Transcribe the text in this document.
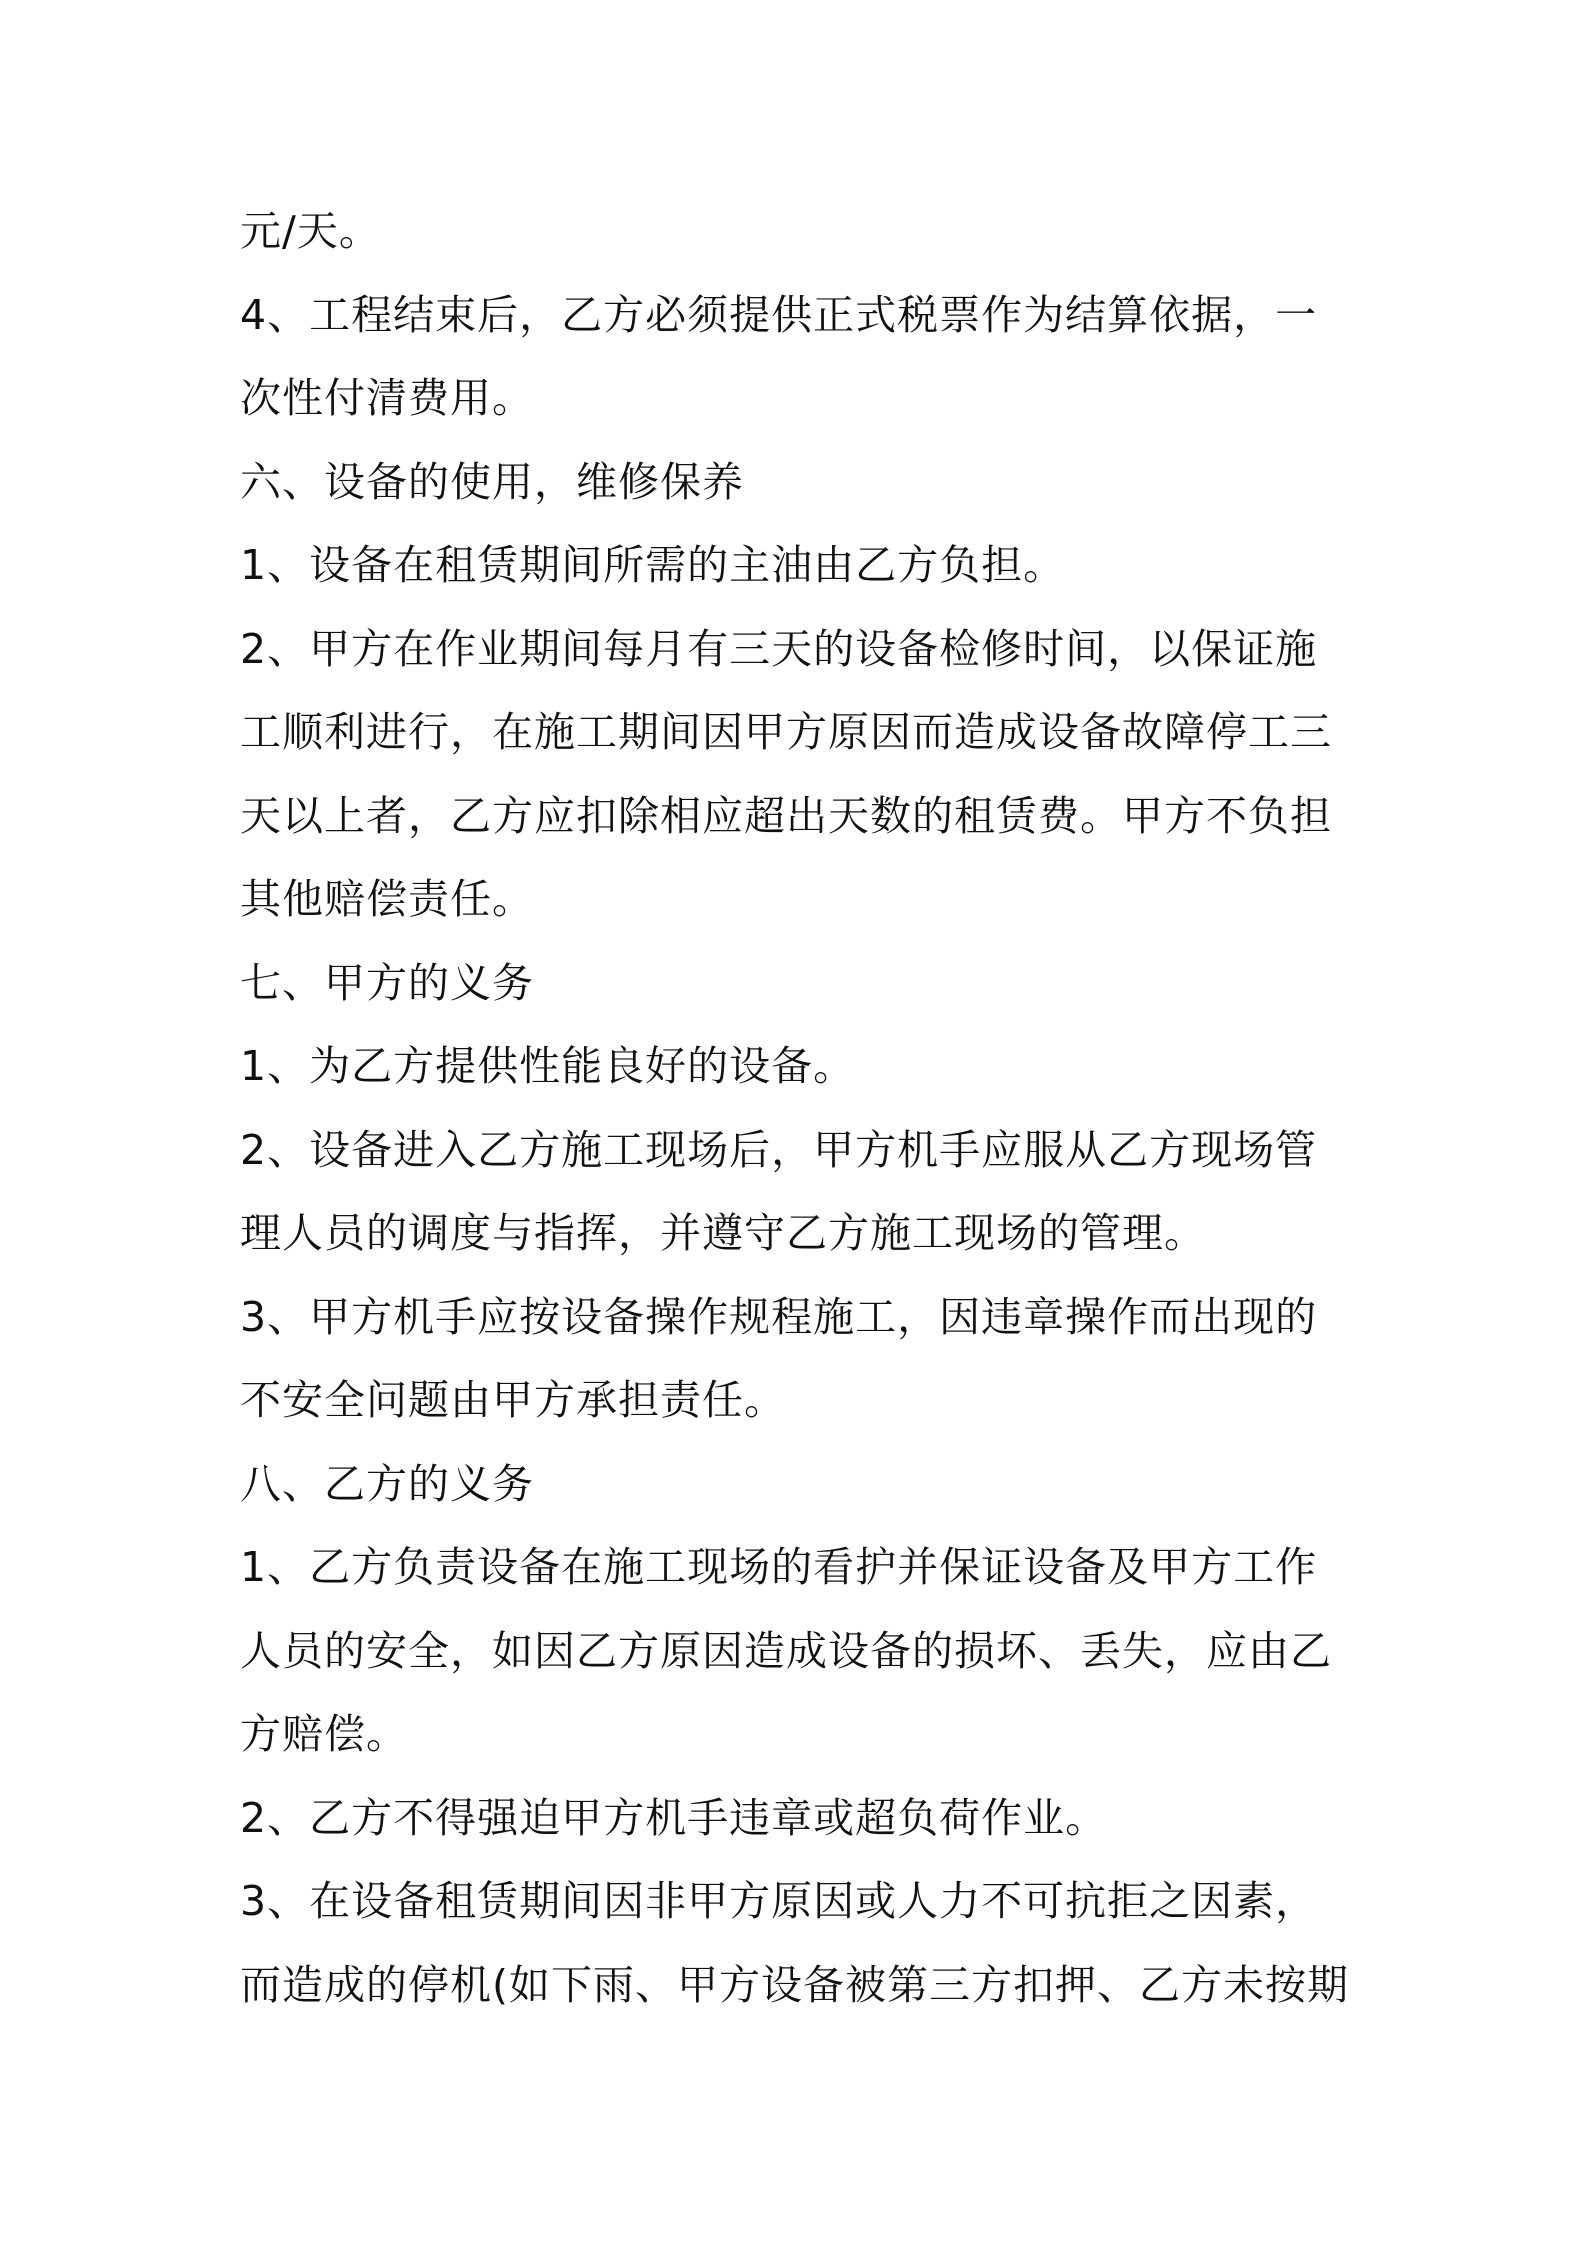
元/天。
4、工程结束后，乙方必须提供正式税票作为结算依据，一
次性付清费用。
六、设备的使用，维修保养
1、设备在租赁期间所需的主油由乙方负担。
2、甲方在作业期间每月有三天的设备检修时间，以保证施
工顺利进行，在施工期间因甲方原因而造成设备故障停工三
天以上者，乙方应扣除相应超出天数的租赁费。甲方不负担
其他赔偿责任。
七、甲方的义务
1、为乙方提供性能良好的设备。
2、设备进入乙方施工现场后，甲方机手应服从乙方现场管
理人员的调度与指挥，并遵守乙方施工现场的管理。
3、甲方机手应按设备操作规程施工，因违章操作而出现的
不安全问题由甲方承担责任。
八、乙方的义务
1、乙方负责设备在施工现场的看护并保证设备及甲方工作
人员的安全，如因乙方原因造成设备的损坏、丢失，应由乙
方赔偿。
2、乙方不得强迫甲方机手违章或超负荷作业。
3、在设备租赁期间因非甲方原因或人力不可抗拒之因素，
而造成的停机(如下雨、甲方设备被第三方扣押、乙方未按期
